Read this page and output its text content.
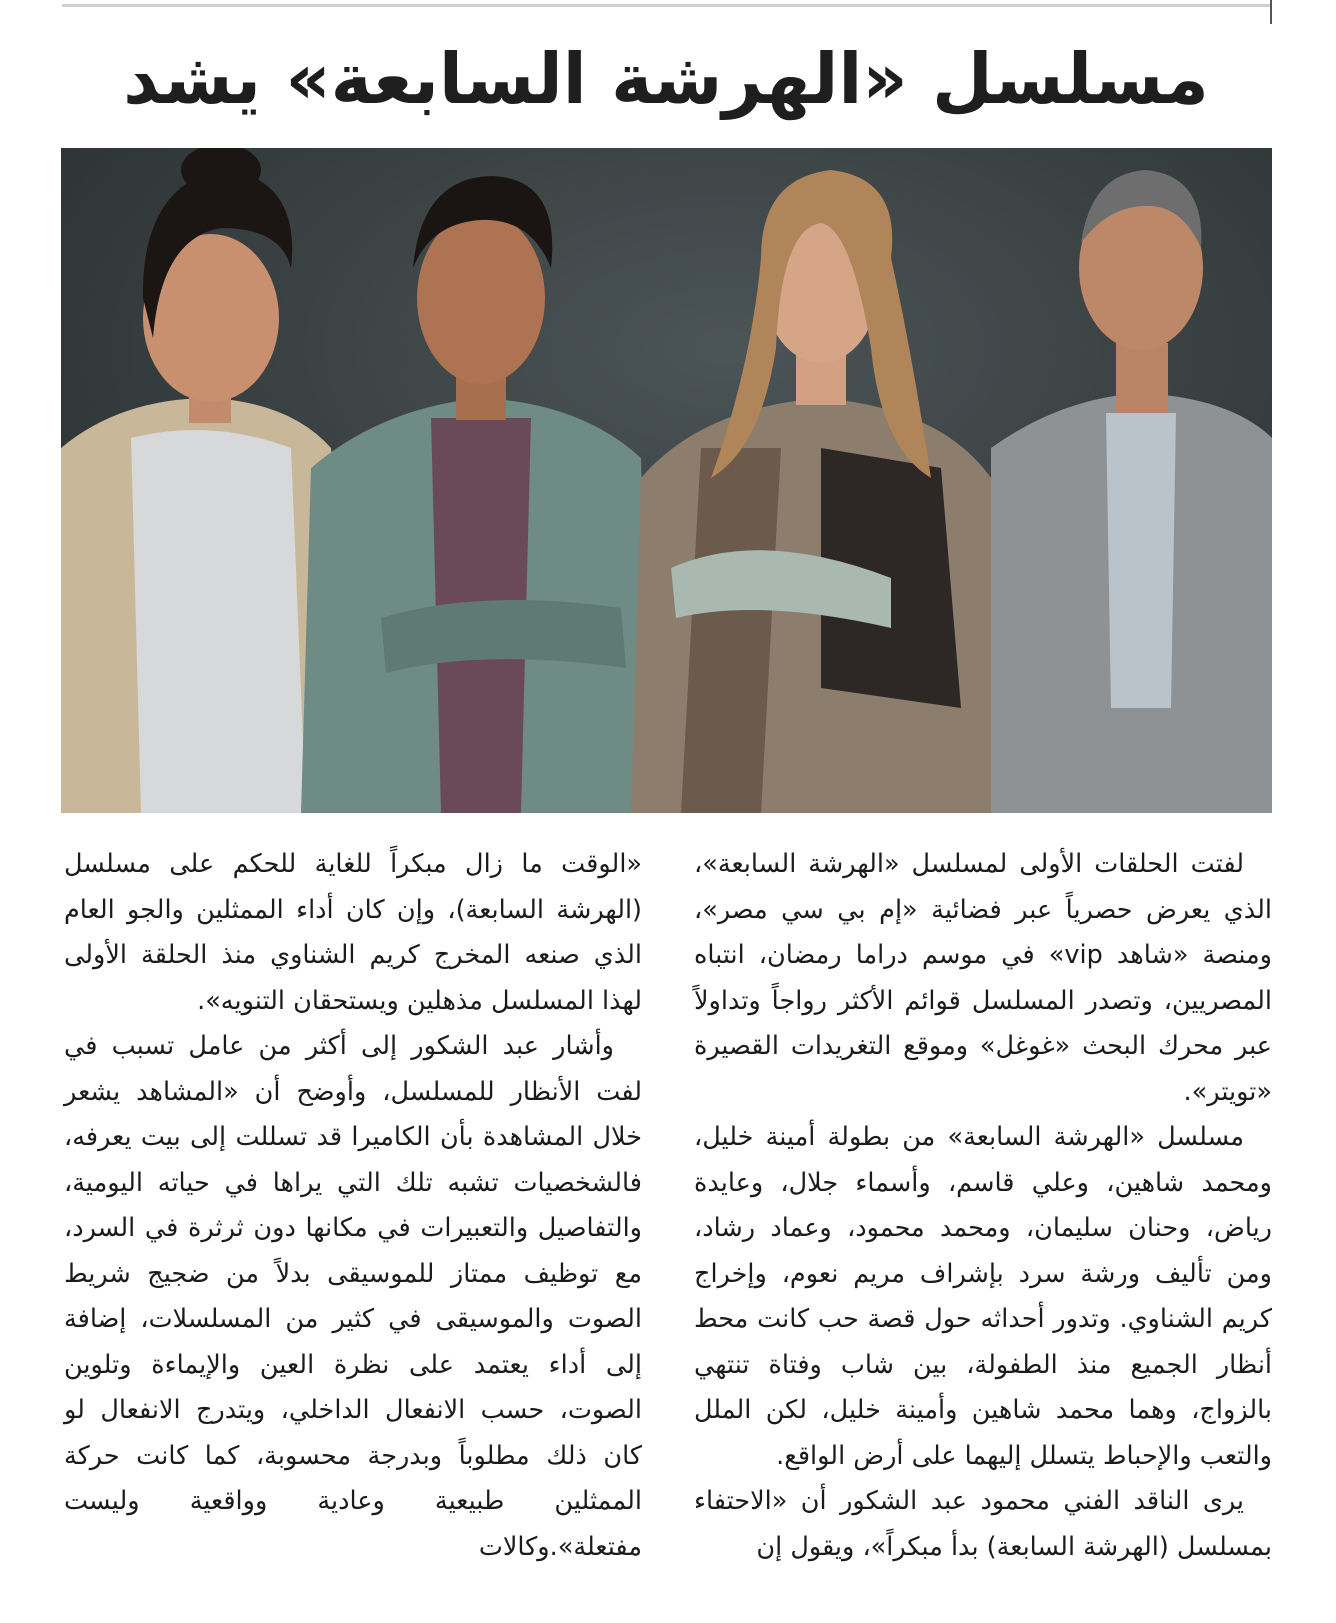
مسلسل «الهرشة السابعة» يشد

لفتت الحلقات الأولى لمسلسل «الهرشة السابعة»، الذي يعرض حصرياً عبر فضائية «إم بي سي مصر»، ومنصة «شاهد vip» في موسم دراما رمضان، انتباه المصريين، وتصدر المسلسل قوائم الأكثر رواجاً وتداولاً عبر محرك البحث «غوغل» وموقع التغريدات القصيرة «تويتر».

مسلسل «الهرشة السابعة» من بطولة أمينة خليل، ومحمد شاهين، وعلي قاسم، وأسماء جلال، وعايدة رياض، وحنان سليمان، ومحمد محمود، وعماد رشاد، ومن تأليف ورشة سرد بإشراف مريم نعوم، وإخراج كريم الشناوي. وتدور أحداثه حول قصة حب كانت محط أنظار الجميع منذ الطفولة، بين شاب وفتاة تنتهي بالزواج، وهما محمد شاهين وأمينة خليل، لكن الملل والتعب والإحباط يتسلل إليهما على أرض الواقع.

يرى الناقد الفني محمود عبد الشكور أن «الاحتفاء بمسلسل (الهرشة السابعة) بدأ مبكراً»، ويقول إن

«الوقت ما زال مبكراً للغاية للحكم على مسلسل (الهرشة السابعة)، وإن كان أداء الممثلين والجو العام الذي صنعه المخرج كريم الشناوي منذ الحلقة الأولى لهذا المسلسل مذهلين ويستحقان التنويه».

وأشار عبد الشكور إلى أكثر من عامل تسبب في لفت الأنظار للمسلسل، وأوضح أن «المشاهد يشعر خلال المشاهدة بأن الكاميرا قد تسللت إلى بيت يعرفه، فالشخصيات تشبه تلك التي يراها في حياته اليومية، والتفاصيل والتعبيرات في مكانها دون ثرثرة في السرد، مع توظيف ممتاز للموسيقى بدلاً من ضجيج شريط الصوت والموسيقى في كثير من المسلسلات، إضافة إلى أداء يعتمد على نظرة العين والإيماءة وتلوين الصوت، حسب الانفعال الداخلي، ويتدرج الانفعال لو كان ذلك مطلوباً وبدرجة محسوبة، كما كانت حركة الممثلين طبيعية وعادية وواقعية وليست مفتعلة».وكالات
